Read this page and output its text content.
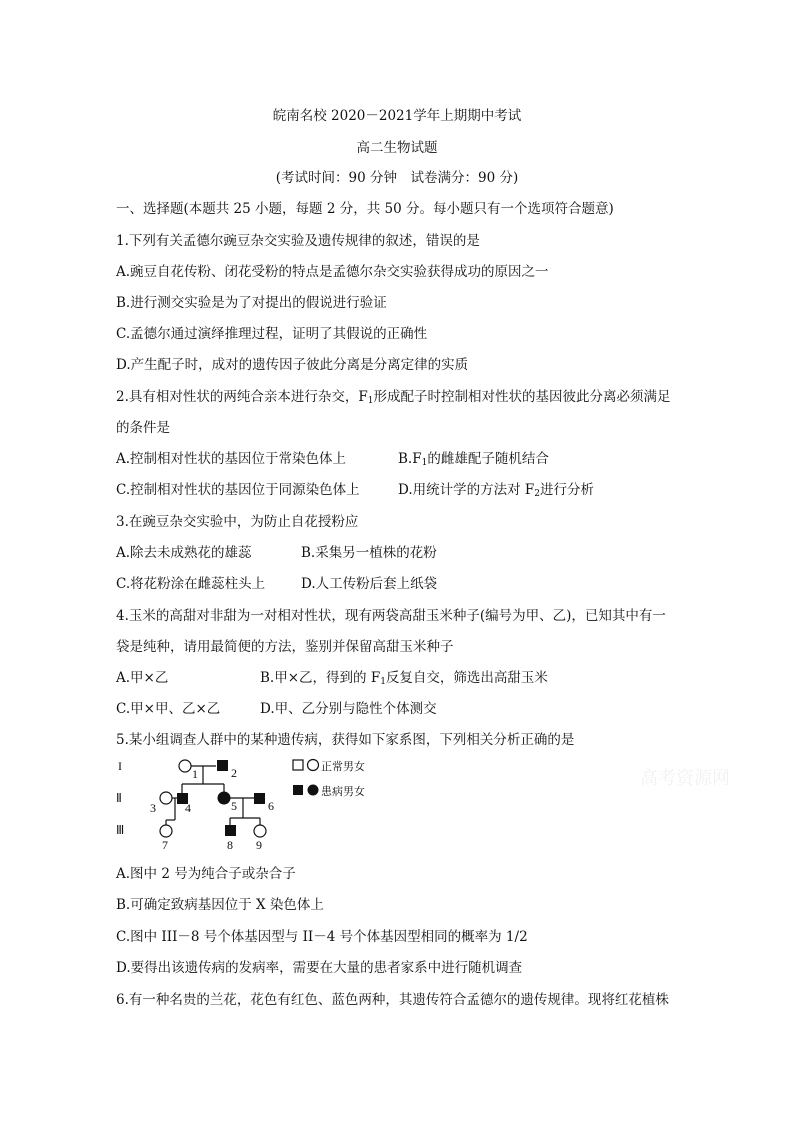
皖南名校 2020－2021学年上期期中考试
高二生物试题
(考试时间：90 分钟　试卷满分：90 分)
一、选择题(本题共 25 小题，每题 2 分，共 50 分。每小题只有一个选项符合题意)
1.下列有关孟德尔豌豆杂交实验及遗传规律的叙述，错误的是
A.豌豆自花传粉、闭花受粉的特点是孟德尔杂交实验获得成功的原因之一
B.进行测交实验是为了对提出的假说进行验证
C.孟德尔通过演绎推理过程，证明了其假说的正确性
D.产生配子时，成对的遗传因子彼此分离是分离定律的实质
2.具有相对性状的两纯合亲本进行杂交，$F_1$形成配子时控制相对性状的基因彼此分离必须满足
的条件是
A.控制相对性状的基因位于常染色体上	$B.F_1$的雌雄配子随机结合
C.控制相对性状的基因位于同源染色体上	D.用统计学的方法对 $F_2$进行分析
3.在豌豆杂交实验中，为防止自花授粉应
A.除去未成熟花的雄蕊	B.采集另一植株的花粉
C.将花粉涂在雌蕊柱头上	D.人工传粉后套上纸袋
4.玉米的高甜对非甜为一对相对性状，现有两袋高甜玉米种子(编号为甲、乙)，已知其中有一
袋是纯种，请用最简便的方法，鉴别并保留高甜玉米种子
A.甲×乙	B.甲×乙，得到的 $F_1$反复自交，筛选出高甜玉米
C.甲×甲、乙×乙	D.甲、乙分别与隐性个体测交
5.某小组调查人群中的某种遗传病，获得如下家系图，下列相关分析正确的是
I
Ⅱ
Ⅲ
1	2
3 4	5	6
7	8 9
正常男女
患病男女
高考资源网
A.图中 2 号为纯合子或杂合子
B.可确定致病基因位于 X 染色体上
C.图中 III－8 号个体基因型与 II－4 号个体基因型相同的概率为 1/2
D.要得出该遗传病的发病率，需要在大量的患者家系中进行随机调查
6.有一种名贵的兰花，花色有红色、蓝色两种，其遗传符合孟德尔的遗传规律。现将红花植株
